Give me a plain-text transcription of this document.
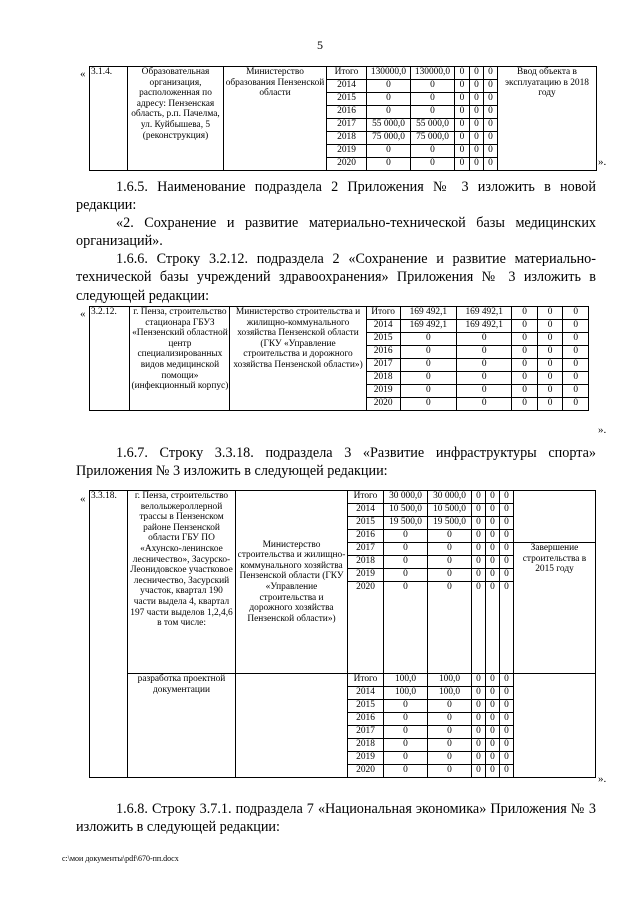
5
« 3.1.4.	Образовательная организация, расположенная по адресу: Пензенская область, р.п. Пачелма, ул. Куйбышева, 5 (реконструкция)	Министерство образования Пензенской области	Итого	130000,0	130000,0	0	0	0	Ввод объекта в эксплуатацию в 2018 году
			2014	0	0	0	0	0	
			2015	0	0	0	0	0	
			2016	0	0	0	0	0	
			2017	55 000,0	55 000,0	0	0	0	
			2018	75 000,0	75 000,0	0	0	0	
			2019	0	0	0	0	0	
			2020	0	0	0	0	0		».
1.6.5. Наименование подраздела 2 Приложения № 3 изложить в новой редакции:
«2. Сохранение и развитие материально-технической базы медицинских организаций».
1.6.6. Строку 3.2.12. подраздела 2 «Сохранение и развитие материально-технической базы учреждений здравоохранения» Приложения № 3 изложить в следующей редакции:
« 3.2.12.	г. Пенза, строительство стационара ГБУЗ «Пензенский областной центр специализированных видов медицинской помощи» (инфекционный корпус)	Министерство строительства и жилищно-коммунального хозяйства Пензенской области (ГКУ «Управление строительства и дорожного хозяйства Пензенской области»)	Итого	169 492,1	169 492,1	0	0	0
			2014	169 492,1	169 492,1	0	0	0
			2015	0	0	0	0	0
			2016	0	0	0	0	0
			2017	0	0	0	0	0
			2018	0	0	0	0	0
			2019	0	0	0	0	0
			2020	0	0	0	0	0
».
1.6.7. Строку 3.3.18. подраздела 3 «Развитие инфраструктуры спорта» Приложения № 3 изложить в следующей редакции:
« 3.3.18.	г. Пенза, строительство велолыжероллерной трассы в Пензенском районе Пензенской области ГБУ ПО «Ахунско-ленинское лесничество», Засурско-Леонидовское участковое лесничество, Засурский участок, квартал 190 части выдела 4, квартал 197 части выделов 1,2,4,6 в том числе:	Министерство строительства и жилищно-коммунального хозяйства Пензенской области (ГКУ «Управление строительства и дорожного хозяйства Пензенской области»)	Итого	30 000,0	30 000,0	0	0	0	
			2014	10 500,0	10 500,0	0	0	0	
			2015	19 500,0	19 500,0	0	0	0	
			2016	0	0	0	0	0	
			2017	0	0	0	0	0	Завершение строительства в 2015 году
			2018	0	0	0	0	0	
			2019	0	0	0	0	0	
			2020	0	0	0	0	0	
	разработка проектной документации		Итого	100,0	100,0	0	0	0	
			2014	100,0	100,0	0	0	0	
			2015	0	0	0	0	0	
			2016	0	0	0	0	0	
			2017	0	0	0	0	0	
			2018	0	0	0	0	0	
			2019	0	0	0	0	0	
			2020	0	0	0	0	0	
».
1.6.8. Строку 3.7.1. подраздела 7 «Национальная экономика» Приложения № 3 изложить в следующей редакции:
c:\мои документы\pdf\670-пп.docx
